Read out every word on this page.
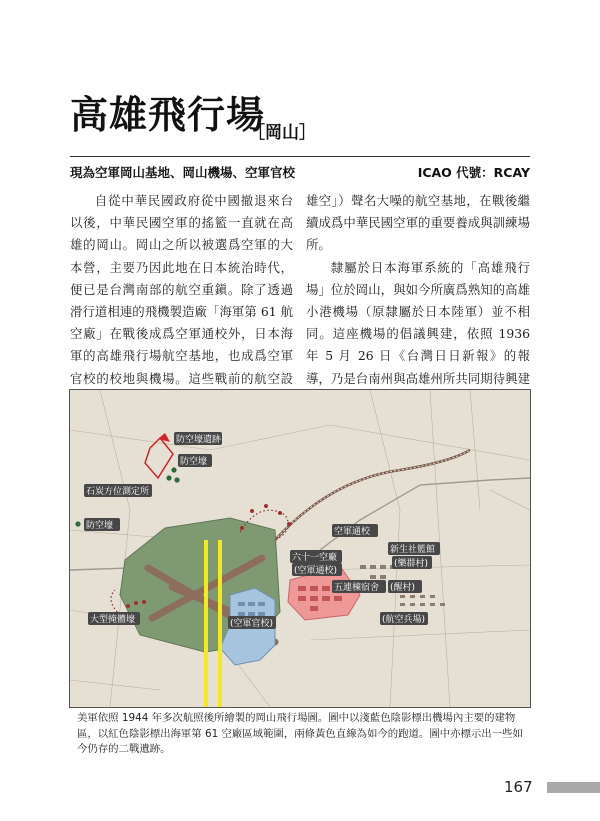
高雄飛行場
［岡山］
現為空軍岡山基地、岡山機場、空軍官校	ICAO 代號：RCAY

自從中華民國政府從中國撤退來台以後，中華民國空軍的搖籃一直就在高雄的岡山。岡山之所以被選爲空軍的大本營，主要乃因此地在日本統治時代，便已是台灣南部的航空重鎭。除了透過滑行道相連的飛機製造廠「海軍第 61 航空廠」在戰後成爲空軍通校外，日本海軍的高雄飛行場航空基地，也成爲空軍官校的校地與機場。這些戰前的航空設

雄空」）聲名大噪的航空基地，在戰後繼續成爲中華民國空軍的重要養成與訓練場所。

隸屬於日本海軍系統的「高雄飛行場」位於岡山，與如今所廣爲熟知的高雄小港機場（原隸屬於日本陸軍）並不相同。這座機場的倡議興建，依照 1936 年 5 月 26 日《台灣日日新報》的報導，乃是台南州與高雄州所共同期待興建

防空壕遺跡
防空壕
石炭方位測定所
防空壕
空軍通校
六十一空廠
(空軍通校)
新生社籃館
(樂群村)
五連棟宿舍 (醒村)
(航空兵場)
(空軍官校)
大型掩體壕
美軍依照 1944 年多次航照後所繪製的岡山飛行場圖。圖中以淺藍色陰影標出機場內主要的建物區，以紅色陰影標出海軍第 61 空廠區域範圍，兩條黃色直線為如今的跑道。圖中亦標示出一些如今仍存的二戰遺跡。
167
